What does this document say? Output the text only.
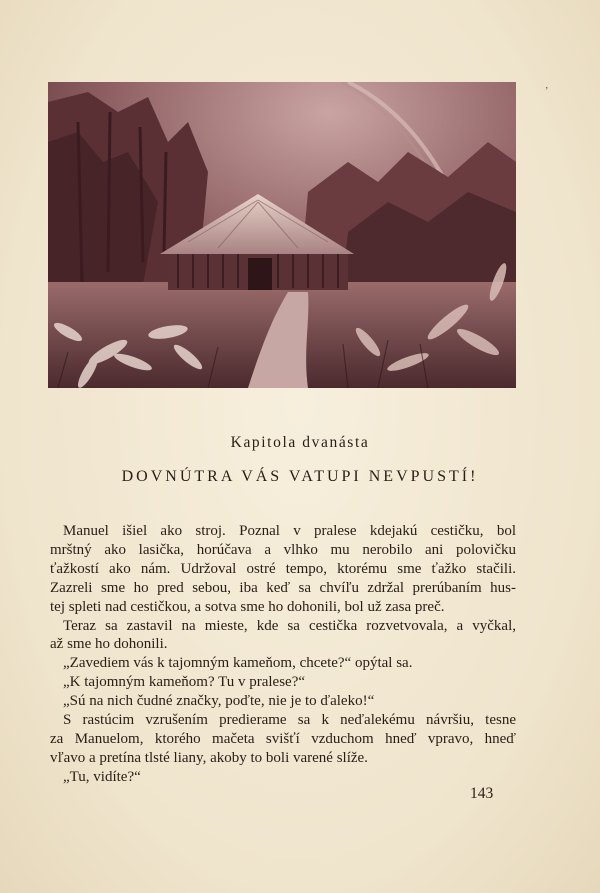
’
Kapitola dvanásta
DOVNÚTRA VÁS VATUPI NEVPUSTÍ!

Manuel išiel ako stroj. Poznal v pralese kdejakú cestičku, bol

mrštný ako lasička, horúčava a vlhko mu nerobilo ani polovičku

ťažkostí ako nám. Udržoval ostré tempo, ktorému sme ťažko stačili.

Zazreli sme ho pred sebou, iba keď sa chvíľu zdržal prerúbaním hus-

tej spleti nad cestičkou, a sotva sme ho dohonili, bol už zasa preč.

Teraz sa zastavil na mieste, kde sa cestička rozvetvovala, a vyčkal,

až sme ho dohonili.

„Zavediem vás k tajomným kameňom, chcete?“ opýtal sa.

„K tajomným kameňom? Tu v pralese?“

„Sú na nich čudné značky, poďte, nie je to ďaleko!“

S rastúcim vzrušením predierame sa k neďalekému návršiu, tesne

za Manuelom, ktorého mačeta svišťí vzduchom hneď vpravo, hneď

vľavo a pretína tlsté liany, akoby to boli varené slíže.

„Tu, vidíte?“

143
